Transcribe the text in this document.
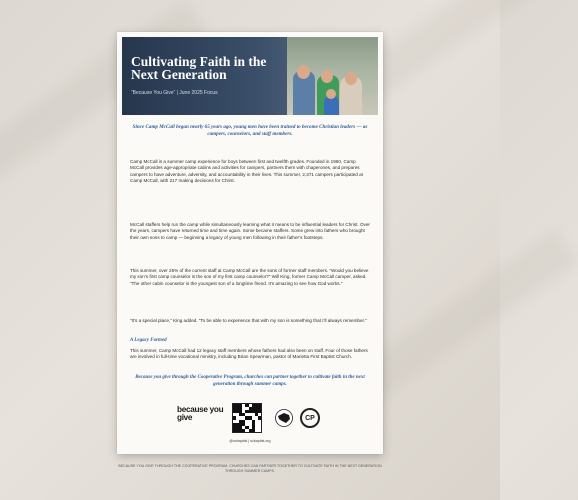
Cultivating Faith in the Next Generation
“Because You Give” | June 2025 Focus
Since Camp McCall began nearly 65 years ago, young men have been trained to become Christian leaders — as campers, counselors, and staff members.
Camp McCall is a summer camp experience for boys between first and twelfth grades. Founded in 1960, Camp McCall provides age-appropriate cabins and activities for campers, partners them with chaperones, and prepares campers to have adventure, adversity, and accountability in their lives. This summer, 2,371 campers participated at Camp McCall, with 217 making decisions for Christ.
McCall staffers help run the camp while simultaneously learning what it means to be influential leaders for Christ. Over the years, campers have returned time and time again. Some became staffers. Some grew into fathers who brought their own sons to camp — beginning a legacy of young men following in their father’s footsteps.
This summer, over 25% of the current staff at Camp McCall are the sons of former staff members. “Would you believe my son’s first camp counselor is the son of my first camp counselor?” Will King, former Camp McCall camper, asked. “The other cabin counselor is the youngest son of a longtime friend. It’s amazing to see how God works.”
“It’s a special place,” King added. “To be able to experience that with my son is something that I’ll always remember.”
A Legacy Formed
This summer, Camp McCall had 12 legacy staff members whose fathers had also been on staff. Four of those fathers are involved in full-time vocational ministry, including Brian Spearman, pastor of Marietta First Baptist Church.
Because you give through the Cooperative Program, churches can partner together to cultivate faith in the next generation through summer camps.
because you give	CP
@scbaptist | scbaptist.org
BECAUSE YOU GIVE THROUGH THE COOPERATIVE PROGRAM, CHURCHES CAN PARTNER TOGETHER TO CULTIVATE FAITH IN THE NEXT GENERATION THROUGH SUMMER CAMPS.
